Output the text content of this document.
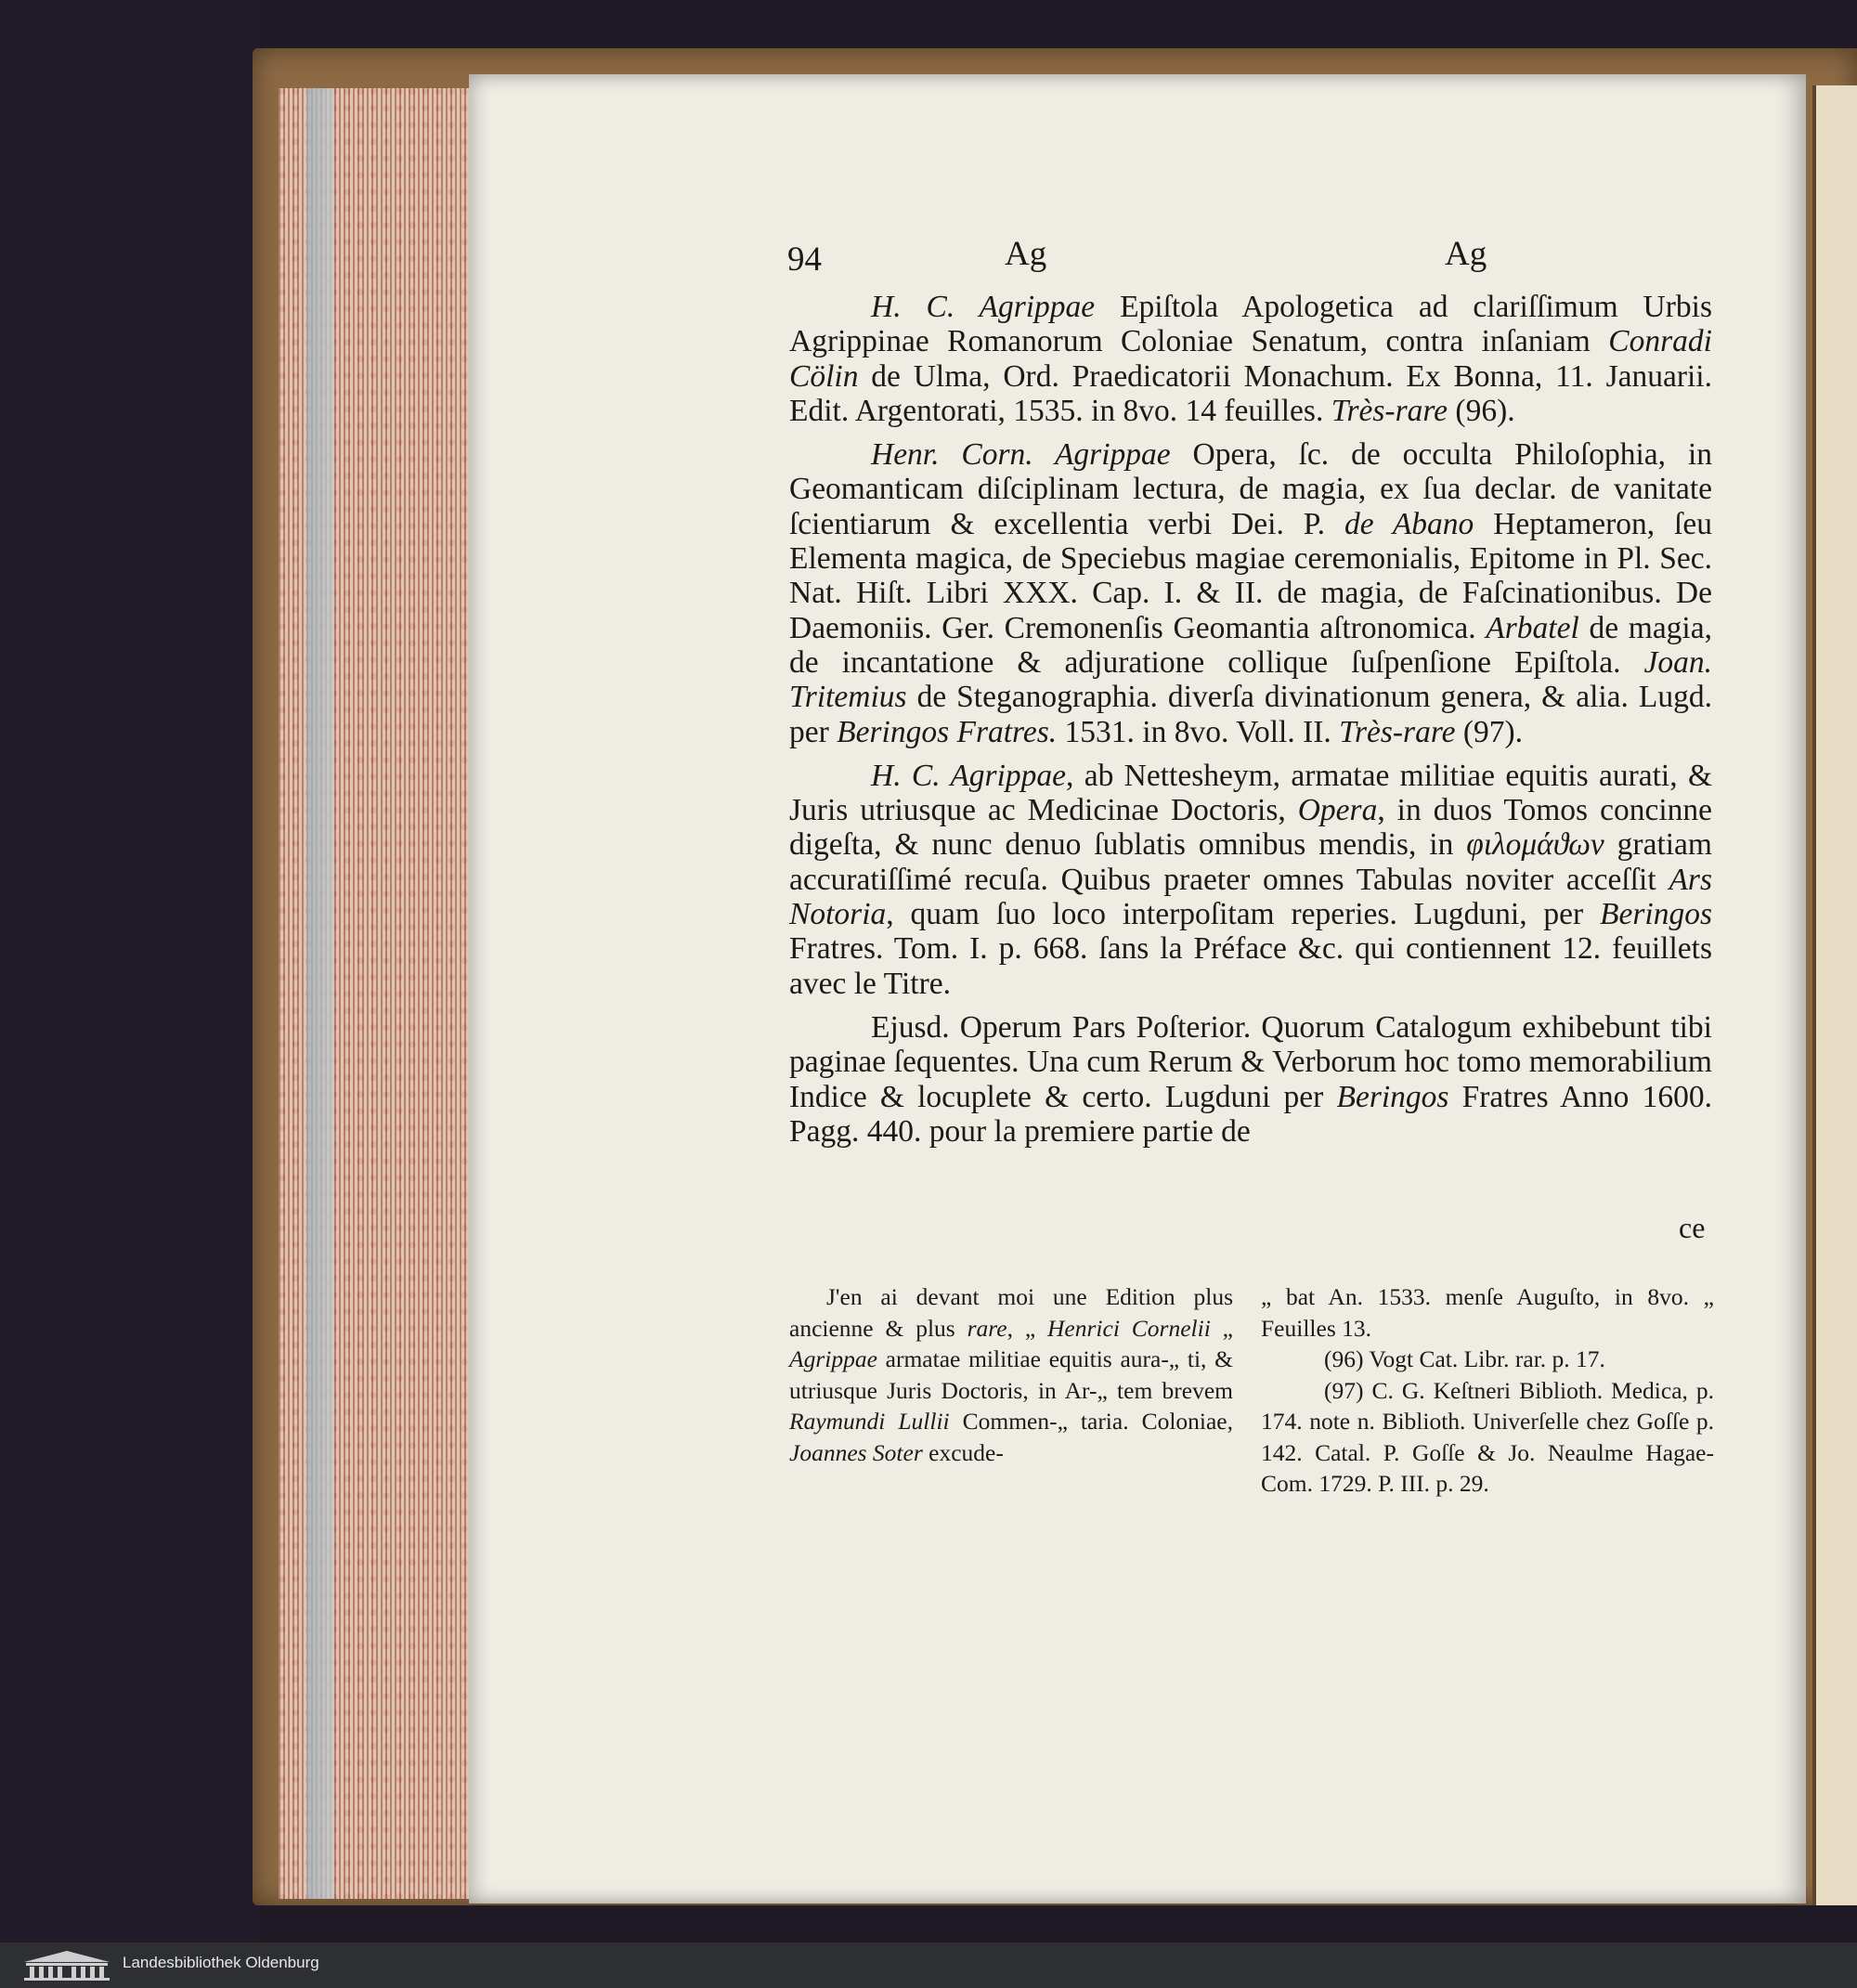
94	Ag	Ag

H. C. Agrippae Epiſtola Apologetica ad clariſſimum Urbis Agrippinae Romanorum Coloniae Senatum, contra inſaniam Conradi Cölin de Ulma, Ord. Praedicatorii Monachum. Ex Bonna, 11. Januarii. Edit. Argentorati, 1535. in 8vo. 14 feuilles. Très-rare (96).

Henr. Corn. Agrippae Opera, ſc. de occulta Philoſophia, in Geomanticam diſciplinam lectura, de magia, ex ſua declar. de vanitate ſcientiarum & excellentia verbi Dei. P. de Abano Heptameron, ſeu Elementa magica, de Speciebus magiae ceremonialis, Epitome in Pl. Sec. Nat. Hiſt. Libri XXX. Cap. I. & II. de magia, de Faſcinationibus. De Daemoniis. Ger. Cremonenſis Geomantia aſtronomica. Arbatel de magia, de incantatione & adjuratione collique ſuſpenſione Epiſtola. Joan. Tritemius de Steganographia. diverſa divinationum genera, & alia. Lugd. per Beringos Fratres. 1531. in 8vo. Voll. II. Très-rare (97).

H. C. Agrippae, ab Nettesheym, armatae militiae equitis aurati, & Juris utriusque ac Medicinae Doctoris, Opera, in duos Tomos concinne digeſta, & nunc denuo ſublatis omnibus mendis, in φιλομάϑων gratiam accuratiſſimé recuſa. Quibus praeter omnes Tabulas noviter acceſſit Ars Notoria, quam ſuo loco interpoſitam reperies. Lugduni, per Beringos Fratres. Tom. I. p. 668. ſans la Préface &c. qui contiennent 12. feuillets avec le Titre.

Ejusd. Operum Pars Poſterior. Quorum Catalogum exhibebunt tibi paginae ſequentes. Una cum Rerum & Verborum hoc tomo memorabilium Indice & locuplete & certo. Lugduni per Beringos Fratres Anno 1600. Pagg. 440. pour la premiere partie de

ce

J'en ai devant moi une Edition plus ancienne & plus rare, „ Henrici Cornelii „ Agrippae armatae militiae equitis aura-„ ti, & utriusque Juris Doctoris, in Ar-„ tem brevem Raymundi Lullii Commen-„ taria. Coloniae, Joannes Soter excude-

„ bat An. 1533. menſe Auguſto, in 8vo. „ Feuilles 13.

(96) Vogt Cat. Libr. rar. p. 17.

(97) C. G. Keſtneri Biblioth. Medica, p. 174. note n. Biblioth. Univerſelle chez Goſſe p. 142. Catal. P. Goſſe & Jo. Neaulme Hagae-Com. 1729. P. III. p. 29.

Landesbibliothek Oldenburg
